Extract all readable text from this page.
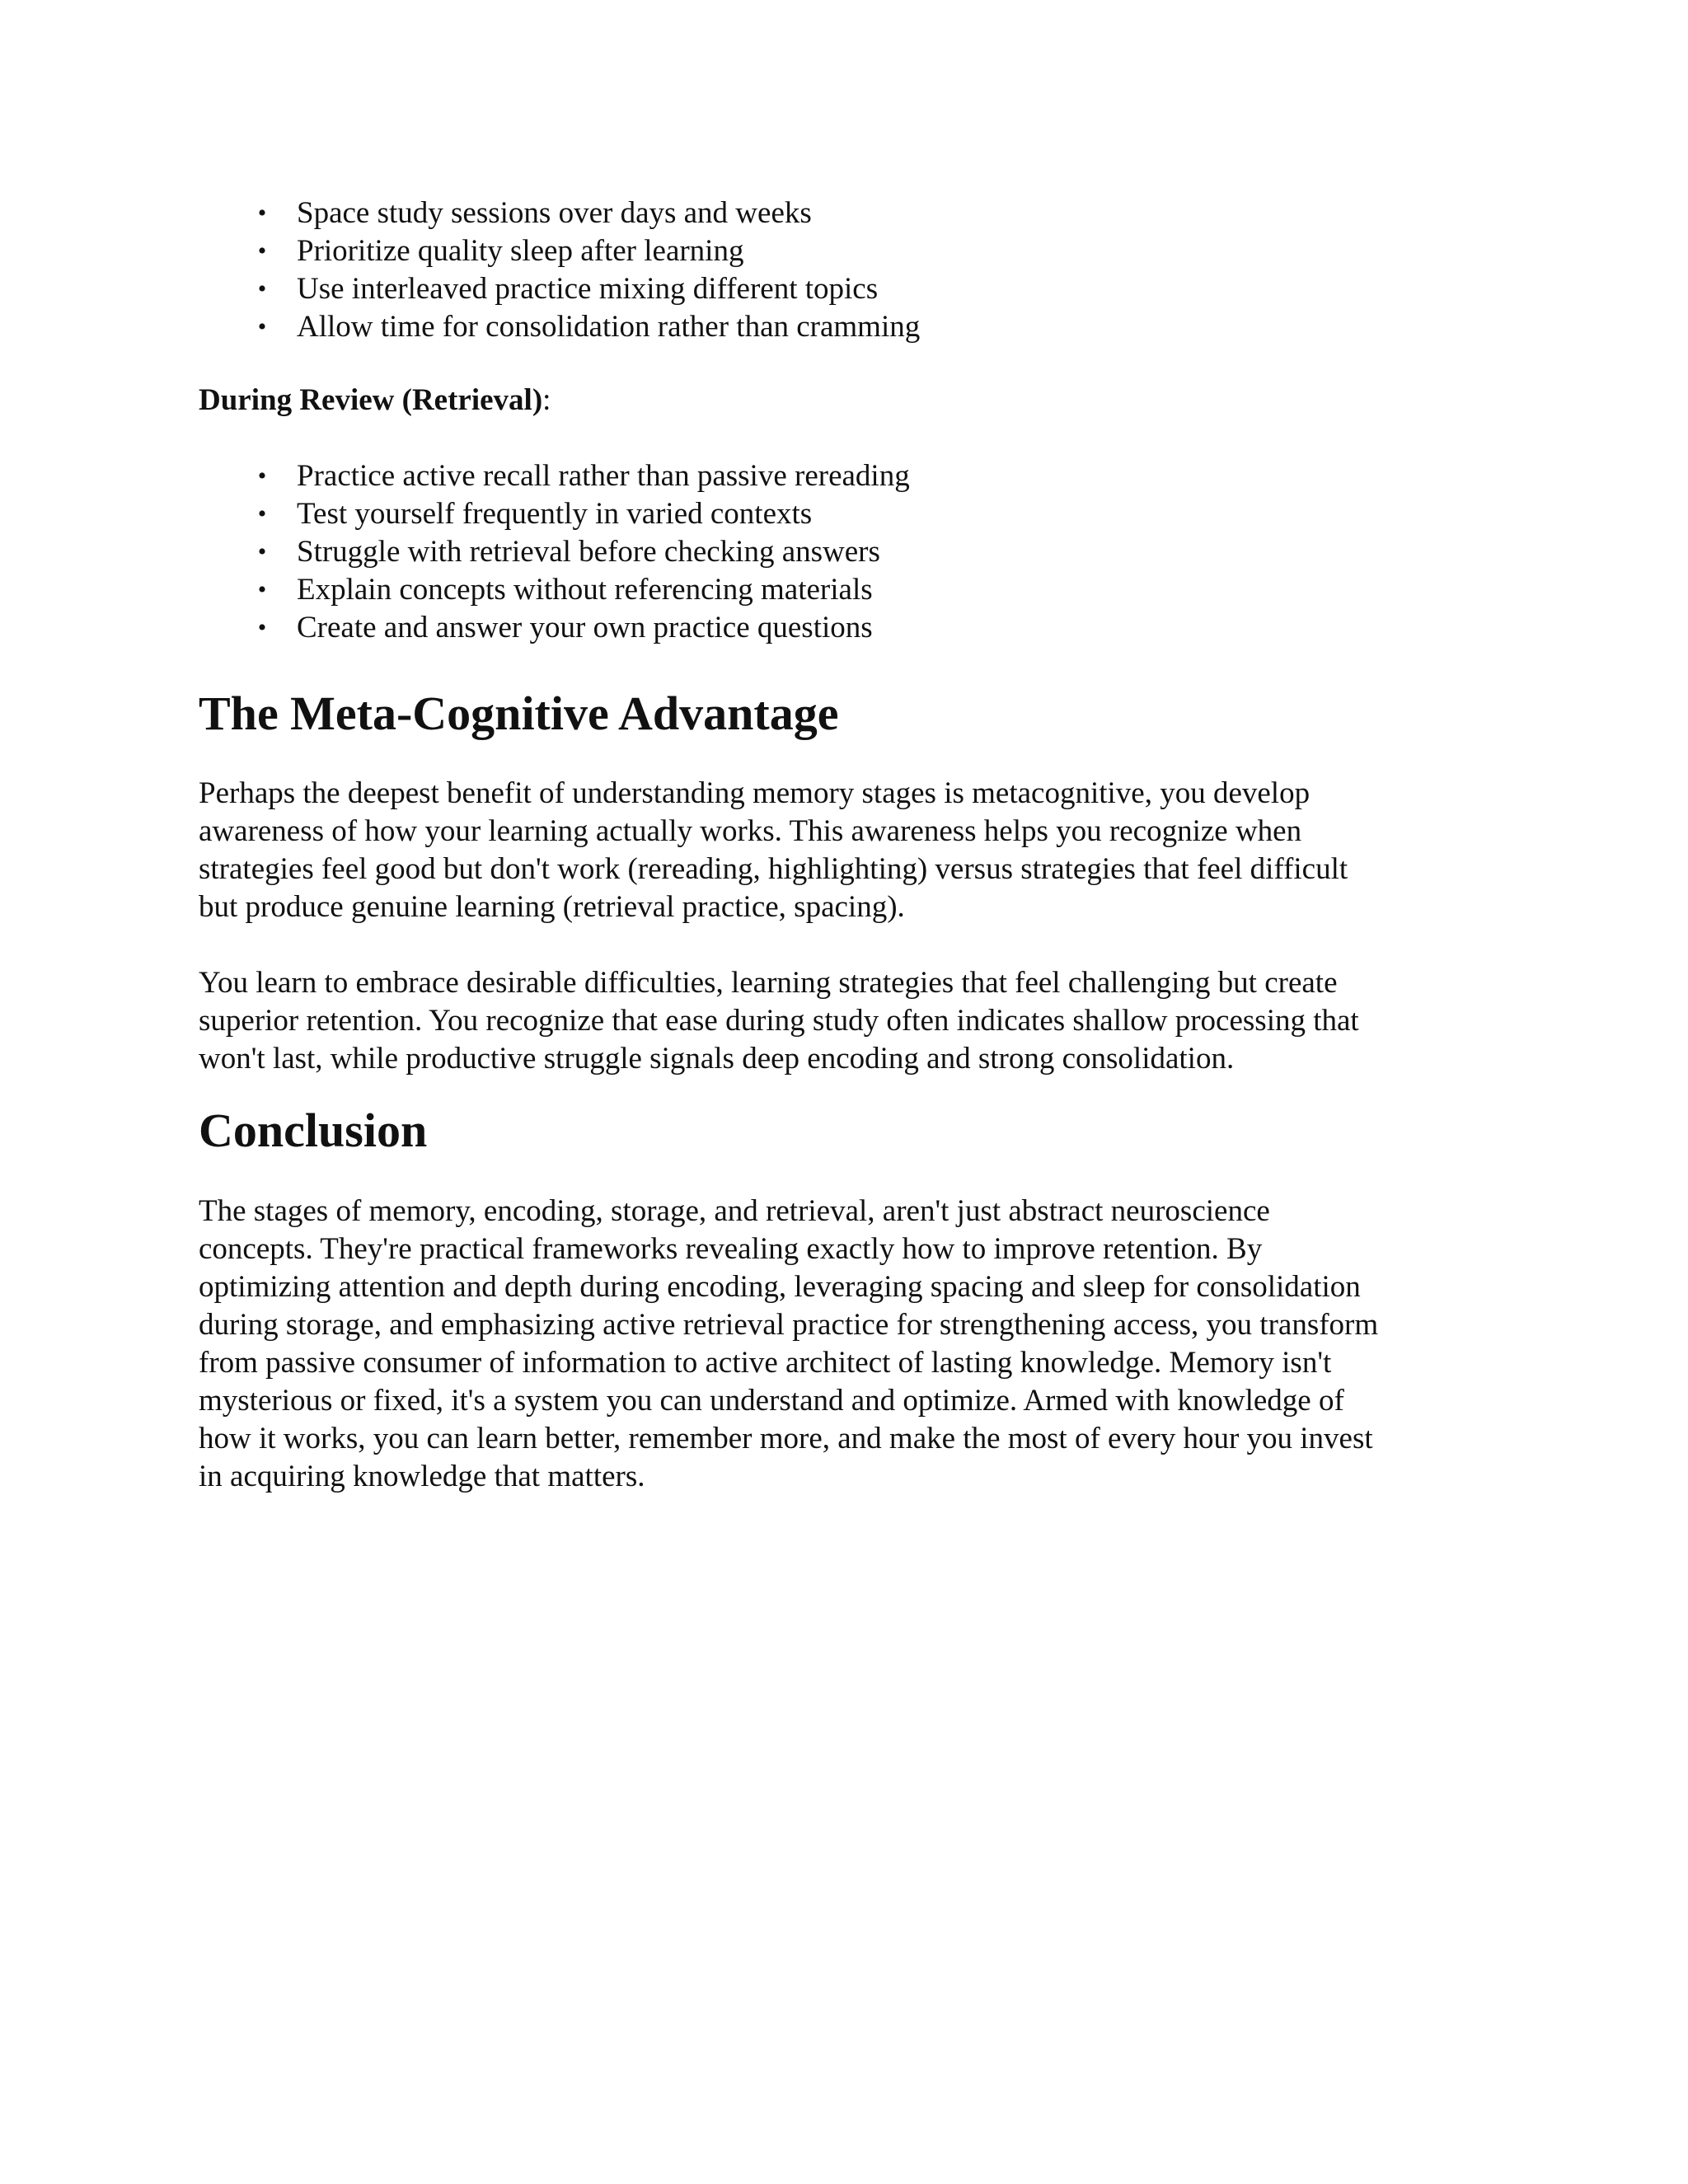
• Space study sessions over days and weeks
• Prioritize quality sleep after learning
• Use interleaved practice mixing different topics
• Allow time for consolidation rather than cramming

During Review (Retrieval):

• Practice active recall rather than passive rereading
• Test yourself frequently in varied contexts
• Struggle with retrieval before checking answers
• Explain concepts without referencing materials
• Create and answer your own practice questions
The Meta-Cognitive Advantage

Perhaps the deepest benefit of understanding memory stages is metacognitive, you develop
awareness of how your learning actually works. This awareness helps you recognize when
strategies feel good but don't work (rereading, highlighting) versus strategies that feel difficult
but produce genuine learning (retrieval practice, spacing).

You learn to embrace desirable difficulties, learning strategies that feel challenging but create
superior retention. You recognize that ease during study often indicates shallow processing that
won't last, while productive struggle signals deep encoding and strong consolidation.

Conclusion

The stages of memory, encoding, storage, and retrieval, aren't just abstract neuroscience
concepts. They're practical frameworks revealing exactly how to improve retention. By
optimizing attention and depth during encoding, leveraging spacing and sleep for consolidation
during storage, and emphasizing active retrieval practice for strengthening access, you transform
from passive consumer of information to active architect of lasting knowledge. Memory isn't
mysterious or fixed, it's a system you can understand and optimize. Armed with knowledge of
how it works, you can learn better, remember more, and make the most of every hour you invest
in acquiring knowledge that matters.
